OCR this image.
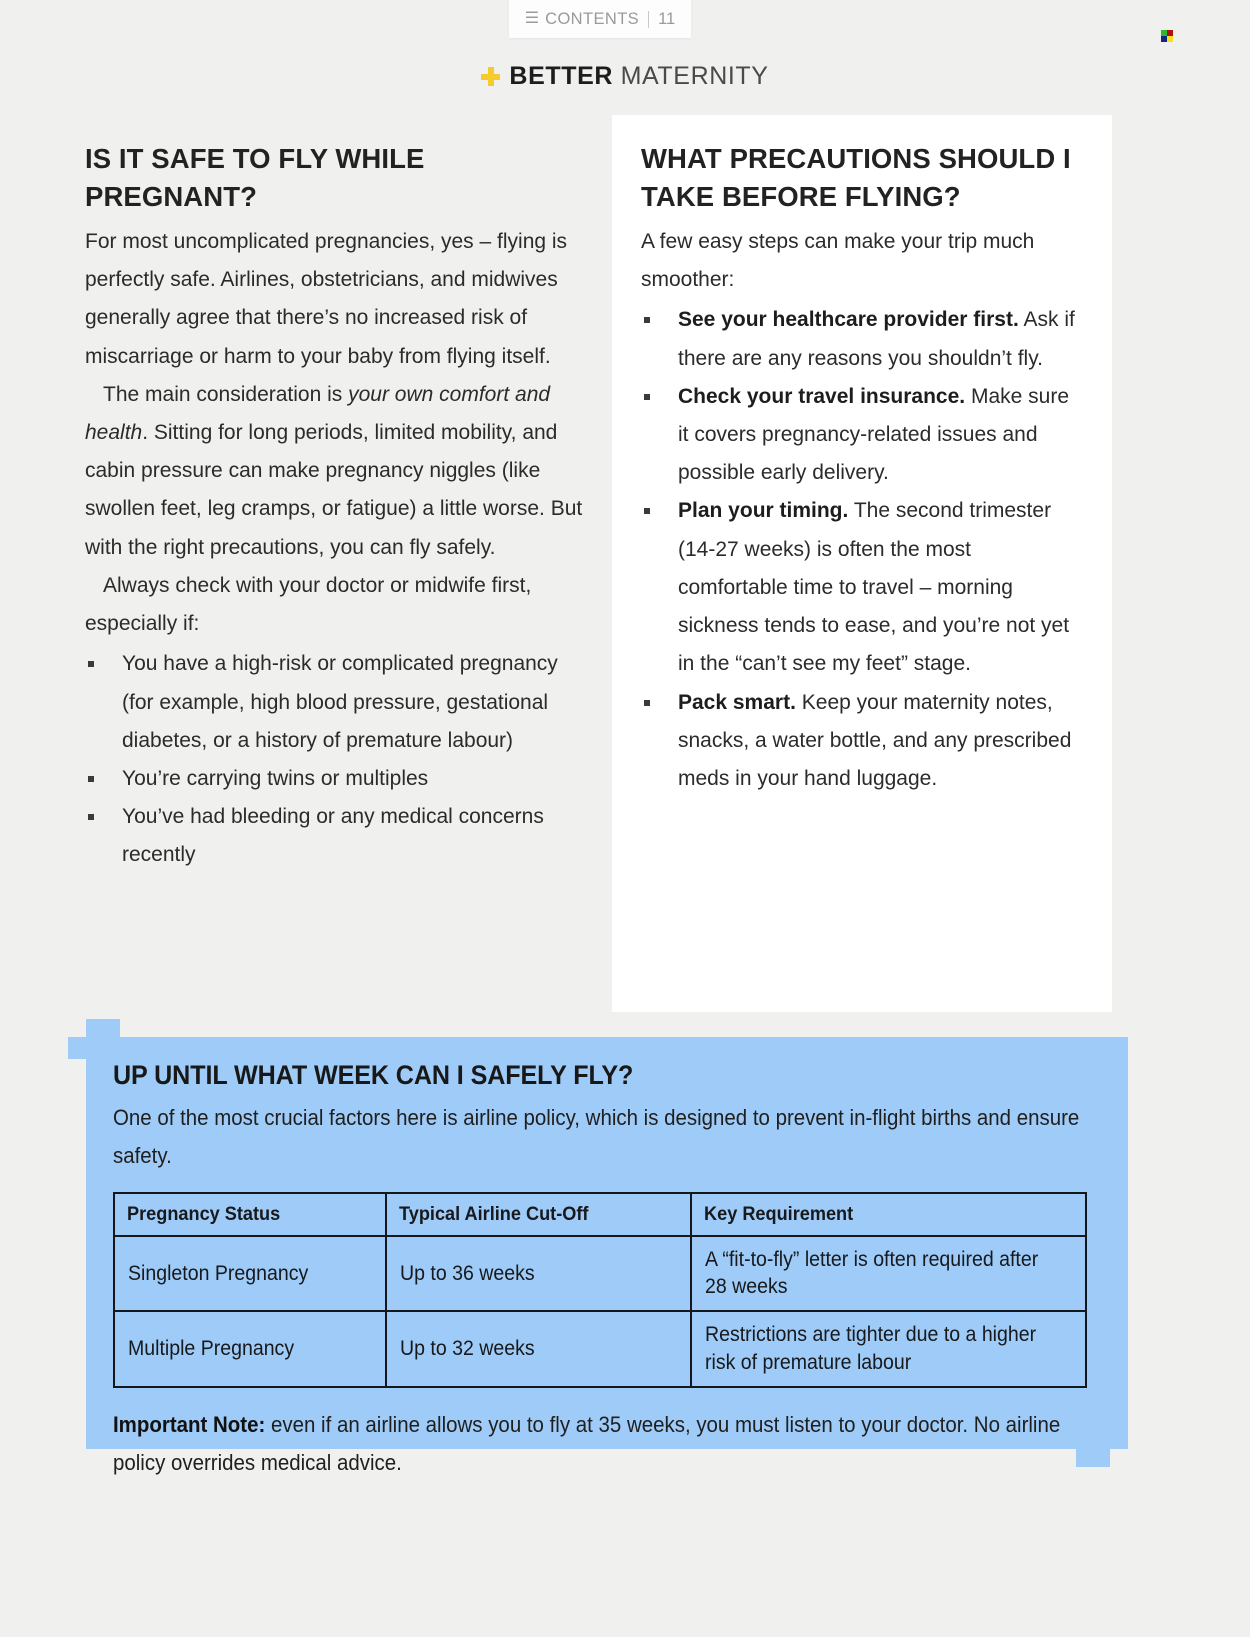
☰ CONTENTS 11
BETTER MATERNITY
IS IT SAFE TO FLY WHILE PREGNANT?

For most uncomplicated pregnancies, yes – flying is perfectly safe. Airlines, obstetricians, and midwives generally agree that there’s no increased risk of miscarriage or harm to your baby from flying itself.

The main consideration is your own comfort and health. Sitting for long periods, limited mobility, and cabin pressure can make pregnancy niggles (like swollen feet, leg cramps, or fatigue) a little worse. But with the right precautions, you can fly safely.

Always check with your doctor or midwife first, especially if:

You have a high-risk or complicated pregnancy (for example, high blood pressure, gestational diabetes, or a history of premature labour)
You’re carrying twins or multiples
You’ve had bleeding or any medical concerns recently
WHAT PRECAUTIONS SHOULD I TAKE BEFORE FLYING?

A few easy steps can make your trip much smoother:

See your healthcare provider first. Ask if there are any reasons you shouldn’t fly.
Check your travel insurance. Make sure it covers pregnancy-related issues and possible early delivery.
Plan your timing. The second trimester (14-27 weeks) is often the most comfortable time to travel – morning sickness tends to ease, and you’re not yet in the “can’t see my feet” stage.
Pack smart. Keep your maternity notes, snacks, a water bottle, and any prescribed meds in your hand luggage.
UP UNTIL WHAT WEEK CAN I SAFELY FLY?

One of the most crucial factors here is airline policy, which is designed to prevent in-flight births and ensure safety.

Pregnancy Status	Typical Airline Cut-Off	Key Requirement

Singleton Pregnancy	Up to 36 weeks	A “fit-to-fly” letter is often required after 28 weeks

Multiple Pregnancy	Up to 32 weeks	Restrictions are tighter due to a higher risk of premature labour

Important Note: even if an airline allows you to fly at 35 weeks, you must listen to your doctor. No airline policy overrides medical advice.
